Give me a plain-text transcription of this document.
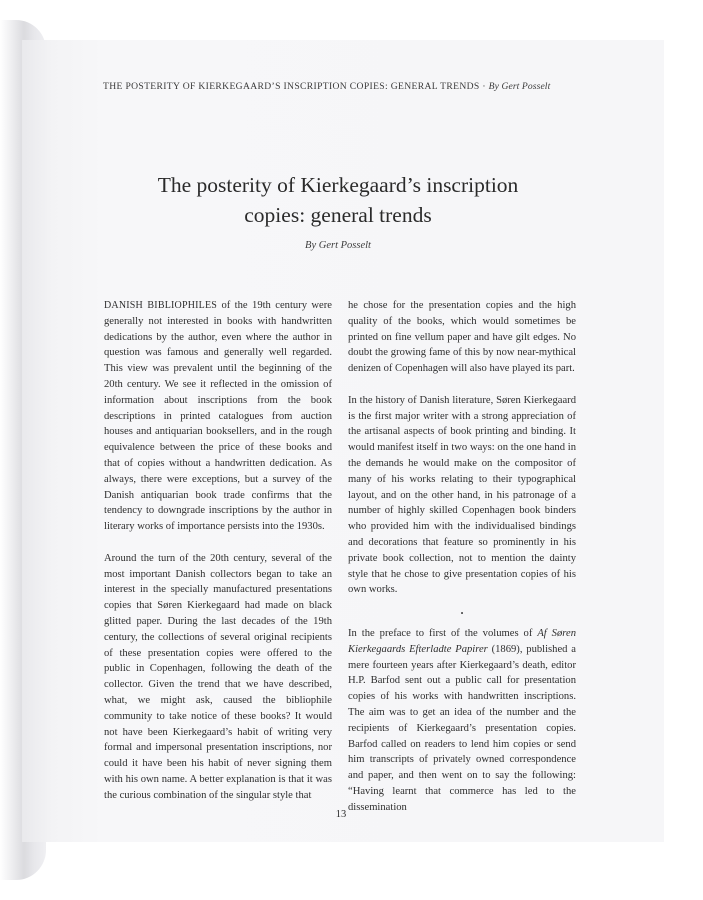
THE POSTERITY OF KIERKEGAARD’S INSCRIPTION COPIES: GENERAL TRENDS · By Gert Posselt
The posterity of Kierkegaard’s inscription
copies: general trends
By Gert Posselt

DANISH BIBLIOPHILES of the 19th century were generally not interested in books with handwritten dedications by the author, even where the author in question was famous and generally well regarded. This view was prevalent until the beginning of the 20th century. We see it reflected in the omission of information about inscriptions from the book descriptions in printed catalogues from auction houses and antiquarian booksellers, and in the rough equivalence between the price of these books and that of copies without a handwritten dedication. As always, there were exceptions, but a survey of the Danish antiquarian book trade confirms that the tendency to downgrade inscriptions by the author in literary works of importance persists into the 1930s.

Around the turn of the 20th century, several of the most important Danish collectors began to take an interest in the specially manufactured presentations copies that Søren Kierkegaard had made on black glitted paper. During the last decades of the 19th century, the collections of several original recipients of these presentation copies were offered to the public in Copenhagen, following the death of the collector. Given the trend that we have described, what, we might ask, caused the bibliophile community to take notice of these books? It would not have been Kierkegaard’s habit of writing very formal and impersonal presentation inscriptions, nor could it have been his habit of never signing them with his own name. A better explanation is that it was the curious combination of the singular style that

he chose for the presentation copies and the high quality of the books, which would sometimes be printed on fine vellum paper and have gilt edges. No doubt the growing fame of this by now near-mythical denizen of Copenhagen will also have played its part.

In the history of Danish literature, Søren Kierkegaard is the first major writer with a strong appreciation of the artisanal aspects of book printing and binding. It would manifest itself in two ways: on the one hand in the demands he would make on the compositor of many of his works relating to their typographical layout, and on the other hand, in his patronage of a number of highly skilled Copenhagen book binders who provided him with the individualised bindings and decorations that feature so prominently in his private book collection, not to mention the dainty style that he chose to give presentation copies of his own works.

•

In the preface to first of the volumes of Af Søren Kierkegaards Efterladte Papirer (1869), published a mere fourteen years after Kierkegaard’s death, editor H.P. Barfod sent out a public call for presentation copies of his works with handwritten inscriptions. The aim was to get an idea of the number and the recipients of Kierkegaard’s presentation copies. Barfod called on readers to lend him copies or send him transcripts of privately owned correspondence and paper, and then went on to say the following: “Having learnt that commerce has led to the dissemination

13
